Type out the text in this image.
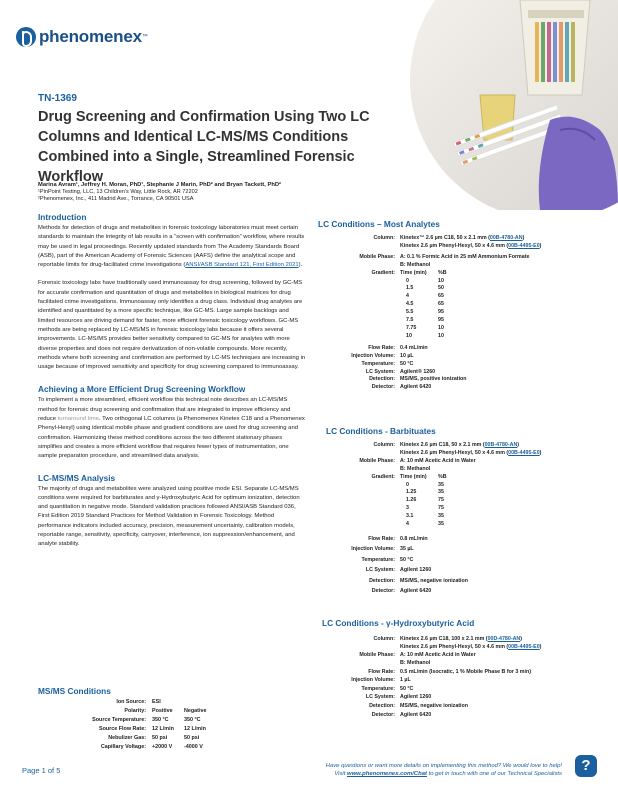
phenomenex ™
TN-1369
Drug Screening and Confirmation Using Two LC Columns and Identical LC-MS/MS Conditions Combined into a Single, Streamlined Forensic Workflow
Marina Avram¹, Jeffrey H. Moran, PhD¹, Stephanie J Marin, PhD² and Bryan Tackett, PhD²
¹PinPoint Testing, LLC, 13 Children's Way, Little Rock, AR 72202
²Phenomenex, Inc., 411 Madrid Ave., Torrance, CA 90501 USA
Introduction

Methods for detection of drugs and metabolites in forensic toxicology laboratories must meet certain standards to maintain the integrity of lab results in a “screen with confirmation” workflow, where results may be used in legal proceedings. Recently updated standards from The Academy Standards Board (ASB), part of the American Academy of Forensic Sciences (AAFS) define the analytical scope and reportable limits for drug-facilitated crime investigations (ANSI/ASB Standard 121, First Edition 2021).

Forensic toxicology labs have traditionally used immunoassay for drug screening, followed by GC-MS for accurate confirmation and quantitation of drugs and metabolites in biological matrices for drug facilitated crime investigations. Immunoassay only identifies a drug class. Individual drug analytes are identified and quantitated by a more specific technique, like GC-MS. Large sample backlogs and limited resources are driving demand for faster, more efficient forensic toxicology workflows. GC-MS methods are being replaced by LC-MS/MS in forensic toxicology labs because it offers several improvements. LC-MS/MS provides better sensitivity compared to GC-MS for analytes with more diverse properties and does not require derivatization of non-volatile compounds. More recently, methods where both screening and confirmation are performed by LC-MS techniques are increasing in usage because of improved sensitivity and specificity for drug screening compared to immunoassay.

Achieving a More Efficient Drug Screening Workflow

To implement a more streamlined, efficient workflow this technical note describes an LC-MS/MS method for forensic drug screening and confirmation that are integrated to improve efficiency and reduce turnaround time. Two orthogonal LC columns (a Phenomenex Kinetex C18 and a Phenomenex Phenyl-Hexyl) using identical mobile phase and gradient conditions are used for drug screening and confirmation. Harmonizing these method conditions across the two different stationary phases simplifies and creates a more efficient workflow that requires fewer types of instrumentation, one sample preparation procedure, and streamlined data analysis.

LC-MS/MS Analysis

The majority of drugs and metabolites were analyzed using positive mode ESI. Separate LC-MS/MS conditions were required for barbiturates and γ-Hydroxybutyric Acid for optimum ionization, detection and quantitation in negative mode. Standard validation practices followed ANSI/ASB Standard 036, First Edition 2019 Standard Practices for Method Validation in Forensic Toxicology. Method performance indicators included accuracy, precision, measurement uncertainty, calibration models, reportable range, sensitivity, specificity, carryover, interference, ion suppression/enhancement, and analyte stability.

MS/MS Conditions
Ion Source:	ESI
Polarity:	Positive	Negative
Source Temperature:	350 °C	350 °C
Source Flow Rate:	12 L/min	12 L/min
Nebulizer Gas:	50 psi	50 psi
Capillary Voltage:	+2000 V	-4000 V
LC Conditions – Most Analytes
Column: Kinetex™ 2.6 µm C18, 50 x 2.1 mm (00B-4780-AN)
Kinetex 2.6 µm Phenyl-Hexyl, 50 x 4.6 mm (00B-4495-E0)
Mobile Phase: A: 0.1 % Formic Acid in 25 mM Ammonium Formate
B: Methanol
Gradient: Time (min)	%B
0	10
1.5	50
4	65
4.5	65
5.5	95
7.5	95
7.75	10
10	10
Flow Rate: 0.4 mL/min
Injection Volume: 10 µL
Temperature: 50 °C
LC System: Agilent® 1260
Detection: MS/MS, positive ionization
Detector: Agilent 6420
LC Conditions - Barbituates
Column: Kinetex 2.6 µm C18, 50 x 2.1 mm (00B-4780-AN)
Kinetex 2.6 µm Phenyl-Hexyl, 50 x 4.6 mm (00B-4495-E0)
Mobile Phase: A: 10 mM Acetic Acid in Water
B: Methanol
Gradient: Time (min)	%B
0	35
1.25	35
1.26	75
3	75
3.1	35
4	35
Flow Rate: 0.8 mL/min
Injection Volume: 35 µL
Temperature: 50 °C
LC System: Agilent 1260
Detection: MS/MS, negative ionization
Detector: Agilent 6420
LC Conditions - γ-Hydroxybutyric Acid
Column: Kinetex 2.6 µm C18, 100 x 2.1 mm (00D-4780-AN)
Kinetex 2.6 µm Phenyl-Hexyl, 50 x 4.6 mm (00B-4495-E0)
Mobile Phase: A: 10 mM Acetic Acid in Water
B: Methanol
Flow Rate: 0.5 mL/min (Isocratic, 1 % Mobile Phase B for 3 min)
Injection Volume: 1 µL
Temperature: 50 °C
LC System: Agilent 1260
Detection: MS/MS, negative ionization
Detector: Agilent 6420
Page 1 of 5	Have questions or want more details on implementing this method? We would love to help!
Visit www.phenomenex.com/Chat to get in touch with one of our Technical Specialists	?
